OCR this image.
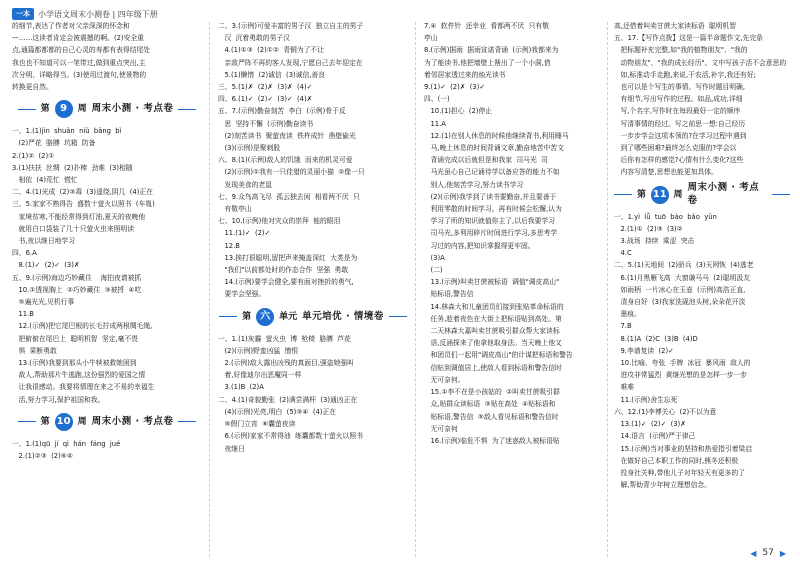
一本	小学语文周末小测卷 | 四年级下册

的细节,表达了作者对父亲深深的怀念和

—……这读者肯定会被震撼的啊。(2)安全重

点,通篇都都都的自己心灵的寿都有表得结尾处

我也也不知道可以一笔带过,做到重点突出,主

次分明、详略得当。(3)使用过渡句,使景物的

转换更自然。

第	9	周 周末小测 · 考点卷

一、1.(1)jìn  shuǎn  niǔ  bǎng  bì

(2)严花  胳膊  坑箱  防备

2.(1)②  (2)①

3.(1)扶扶  丝绸  (2)扑棒  劲难  (3)相随

相依  (4)荒忙  慌忙

二、4.(1)光成  (2)③毒  (3)遥绕,阴几  (4)正在

三、5.家家不熟得告  盛数十萤火以照书  (车胤)

家境贫寒,不能经常得到灯油,夏天的夜晚他

就用白口袋装了几十只萤火虫来照明读

书,夜以继日地学习

四、6.A

8.(1)✓  (2)✓  (3)✗

五、9.(示例)海边巧妙藏住    海拍夜请被抓

10.①透视胸上  ②巧妙藏住  ③被捋  ④吃

⑤遍光光,见机行事

11.B

12.(示例)把它尾巴根的长毛拧成两根绸毛绳,

把俯俯在尾巴上  聪明机智  坚定,毫不畏

惧  果断勇敢

13.(示例)我要到那头小牛犊被救她困到

敌人,帮助那片牛逃跑,这份强烈的爱国之情

让我很感动。我要将情理在来之不易的幸福生

活,努力学习,保护祖国和我。

第 10 周 周末小测 · 考点卷

一、1.(1)qū  jí  qì  hán  fáng  jué

2.(1)②③  (2)⑥④

二、3.(示例)可爱丰富的男子汉  独立自主的男子

汉  沉着勇敢的男子汉

4.(1)①③  (2)①②  青铜为了不让

亲敌严阵不再的客人发现,宁愿自己去年迎定在

5.(1)懒惰  (2)诚信  (3)诚信,善良

三、5.(1)✗  (2)✗  (3)✗  (4)✓

四、6.(1)✓  (2)✓  (3)✓  (4)✗

五、7.(示例)勤奋刻苦  李白  (示例)骨于反

思  坚持不懈  (示例)勤奋读书

(2)刻苦读书  聚萤夜读  铁杵成针  凿壁偷光

(3)(示例)是聚刺股

六、8.(1)(示例)敌人的饥饿  而来的机灵可爱

(2)(示例)①我有一只佳猎的灵丽小猫  ②像一只

发现美食的老鼠

七、9.众鸟高飞尽  孤云独去闲  相看两不厌  只

有敬亭山

七、10.(示例)他对灾众的崇拜  能的眼泪

11.(1)✓  (2)✓

12.B

13.挨打很聪明,留把声来掩盖深红  大类是为

"我们"以前都处时的作态合作  坚强  勇敢

14.(示例)要学会健全,要有面对挫折的勇气,

要学会坚强。

第 六	单元 单元培优 · 情境卷

一、1.(1)灰霾  萤火虫  博  枪椅  胳膊  芦花

(2)(示例)野蛮凶猛  憎恨

2.(示例)敌人露出凶残的真面目,强盗她强叫

着,好像迪尔出恶魔同一样

3.(1)B  (2)A

二、4.(1)奇貌勤张  (2)满尝满杯  (3)通凶正在

(4)(示例)光亮,明白  (5)③④  (4)正在

⑤假门立宵  ⑥囊萤夜读

6.(示例)家家不常得油  练囊都数十萤火以照书

夜继日

7.④  软件针  还幸业  看都两不厌  只有敬

亭山

8.(示例)据雨  据雨宣诺背诵  (示例)我都来为

为了能读书,他把墙壁上凿出了一个小洞,借

着邻居家透过来的烛光读书

9.(1)✓  (2)✗  (3)✓

四、(一)

10.(1)担心  (2)停止

11.A

12.(1)在别人休息的时候他继续背书,利用睡马

马,晚上休息的时间背诵文章,勤奋地苦中苦文

背诵完成以后就但是和我家  司马光  司

马光虽心自己记诵待学以备应答的能力不如

别人,他刻苦学习,努力读书学习

(2)(示例)我学到了读书要勤奋,并且要善于

利用零散的时间学习。再有时候会松懈,认为

学习了所的知识就值你主了,以后我要学习

司马光,多利用碎片时间进行学习,多思考学

习过的内容,把知识掌握得更牢固。

(3)A

(二)

13.(示例)叫卖甘蔗被标语  调值"调皮高山"

贴标语,警告信

14.林森大和儿童团员们接到张贴革命标语的

任务,趁着夜色在大街上把标语贴到高处。第

二天林森大嘉叫卖甘蔗吸引群众帮大家读标

语,反涌探来了他拿他取身法。当天晚上他又

和团员们一起用"调皮高山"的计谋把标语和警告

信贴到调值居上,使敌人看到标语和警告信时

无可奈何。

15.①李不在是小孩姑的  ②叫卖甘蔗吸引群

众,贴群众读标语  ③贴在高处  ④贴标语和

贴标语,警告信  ⑤敌人看见标语和警告信时

无可奈何

16.(示例)临危不惧  为了迷惑敌人被标语贴

高,还借着叫卖甘蔗大家读标语  聪明机智

五、17.【写作点拨】这是一篇半命题作文,先完条

把标题补充完整,如"我的植物朋友"、"我的

动物朋友"、"我的成长经历"。文中写孩子活不会意思的

如,标准动手走跑,来说,干农活,补字,我还有好;

也可以是个写生的事情。写作时题目明确,

有细节,写出写作的过程。如品,成功,详细

写,个名字,写作时在每段最好一定的顺序

写清事情的经过。写之前思一想:自己经历

一步步学会这项本领的?在学习过程中遇到

到了哪些困难?最终怎么克服的?学会以

后你有怎样的感觉?心情有什么变化?这些

内容写清楚,思想也能更加具体。

第 11 周
周末小测 · 考点卷

一、1.yì  lǚ  tuō  bào  bǎo  yǔn

2.(1)①  (2)③  (3)②

3.战场  持续  乘涩  突击

4.C

二、5.(1)天地间  (2)骄兵  (3)天网恢  (4)逃老

6.(1)月黑雁飞高  大窗谦马马  (2)聪明汲友

如雨柄  一片冰心在玉壶  (示例)高浩正直、

清身自好  (3)我家洗砚池头树,朵朵花开淡

墨痕。

7.B

8.(1)A  (2)C  (3)B  (4)D

9.李谱复读  (2)✓

10.比喻、夸张  手牌  冰冠  暴风雨  敌人的

进攻非常猛烈  黄继光想的是怎样一步一步

难难

11.(示例)舍生忘死

六、12.(1)李博关心  (2)不以为意

13.(1)✓  (2)✓  (3)✗

14.语言  (示例)严于律己

15.(示例)当对事业的坚持和热爱指引着梁启

在做好自己本职工作的同时,熊冬还积极

投身社关种,带他儿子对年轻天有更多的了

解,帮助青少年树立理想信念。

◀ 57 ▶
